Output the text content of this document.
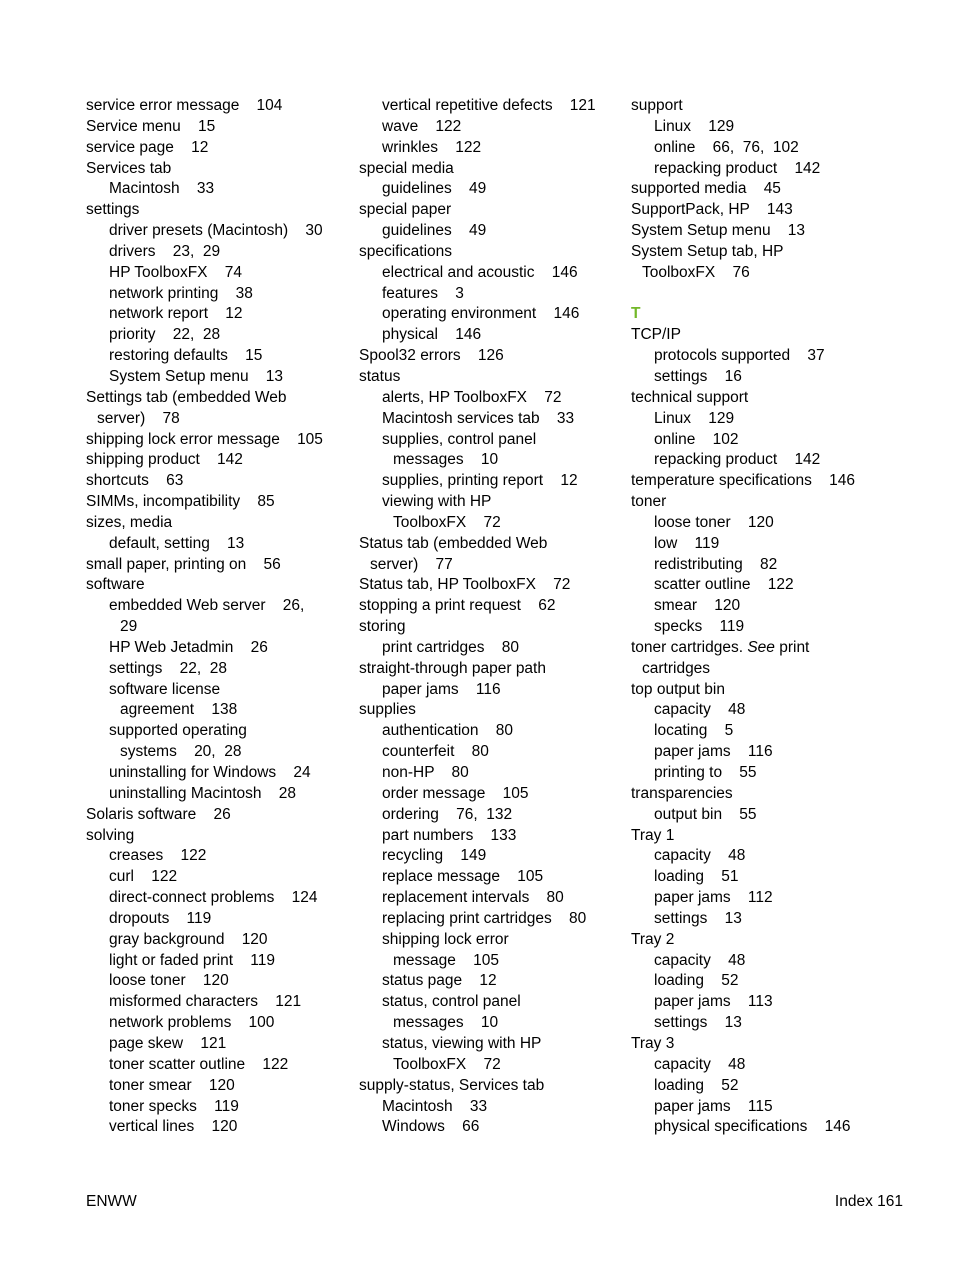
service error message    104
Service menu    15
service page    12
Services tab
Macintosh    33
settings
driver presets (Macintosh)    30
drivers    23,  29
HP ToolboxFX    74
network printing    38
network report    12
priority    22,  28
restoring defaults    15
System Setup menu    13
Settings tab (embedded Web
server)    78
shipping lock error message    105
shipping product    142
shortcuts    63
SIMMs, incompatibility    85
sizes, media
default, setting    13
small paper, printing on    56
software
embedded Web server    26,
29
HP Web Jetadmin    26
settings    22,  28
software license
agreement    138
supported operating
systems    20,  28
uninstalling for Windows    24
uninstalling Macintosh    28
Solaris software    26
solving
creases    122
curl    122
direct-connect problems    124
dropouts    119
gray background    120
light or faded print    119
loose toner    120
misformed characters    121
network problems    100
page skew    121
toner scatter outline    122
toner smear    120
toner specks    119
vertical lines    120
vertical repetitive defects    121
wave    122
wrinkles    122
special media
guidelines    49
special paper
guidelines    49
specifications
electrical and acoustic    146
features    3
operating environment    146
physical    146
Spool32 errors    126
status
alerts, HP ToolboxFX    72
Macintosh services tab    33
supplies, control panel
messages    10
supplies, printing report    12
viewing with HP
ToolboxFX    72
Status tab (embedded Web
server)    77
Status tab, HP ToolboxFX    72
stopping a print request    62
storing
print cartridges    80
straight-through paper path
paper jams    116
supplies
authentication    80
counterfeit    80
non-HP    80
order message    105
ordering    76,  132
part numbers    133
recycling    149
replace message    105
replacement intervals    80
replacing print cartridges    80
shipping lock error
message    105
status page    12
status, control panel
messages    10
status, viewing with HP
ToolboxFX    72
supply-status, Services tab
Macintosh    33
Windows    66
support
Linux    129
online    66,  76,  102
repacking product    142
supported media    45
SupportPack, HP    143
System Setup menu    13
System Setup tab, HP
ToolboxFX    76
T
TCP/IP
protocols supported    37
settings    16
technical support
Linux    129
online    102
repacking product    142
temperature specifications    146
toner
loose toner    120
low    119
redistributing    82
scatter outline    122
smear    120
specks    119
toner cartridges. See print
cartridges
top output bin
capacity    48
locating    5
paper jams    116
printing to    55
transparencies
output bin    55
Tray 1
capacity    48
loading    51
paper jams    112
settings    13
Tray 2
capacity    48
loading    52
paper jams    113
settings    13
Tray 3
capacity    48
loading    52
paper jams    115
physical specifications    146
ENWW	Index 161
